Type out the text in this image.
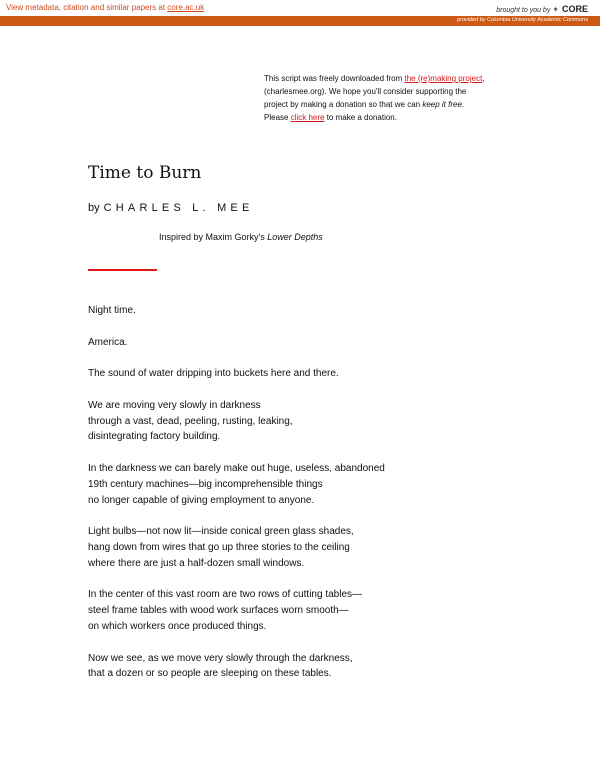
View metadata, citation and similar papers at core.ac.uk	brought to you by ✦ CORE
provided by Columbia University Academic Commons
This script was freely downloaded from the (re)making project,
(charlesmee.org). We hope you'll consider supporting the
project by making a donation so that we can keep it free.
Please click here to make a donation.
Time to Burn
by CHARLES L. MEE
Inspired by Maxim Gorky's Lower Depths
Night time.
America.
The sound of water dripping into buckets here and there.
We are moving very slowly in darkness
through a vast, dead, peeling, rusting, leaking,
disintegrating factory building.
In the darkness we can barely make out huge, useless, abandoned
19th century machines—big incomprehensible things
no longer capable of giving employment to anyone.
Light bulbs—not now lit—inside conical green glass shades,
hang down from wires that go up three stories to the ceiling
where there are just a half-dozen small windows.
In the center of this vast room are two rows of cutting tables—
steel frame tables with wood work surfaces worn smooth—
on which workers once produced things.
Now we see, as we move very slowly through the darkness,
that a dozen or so people are sleeping on these tables.
